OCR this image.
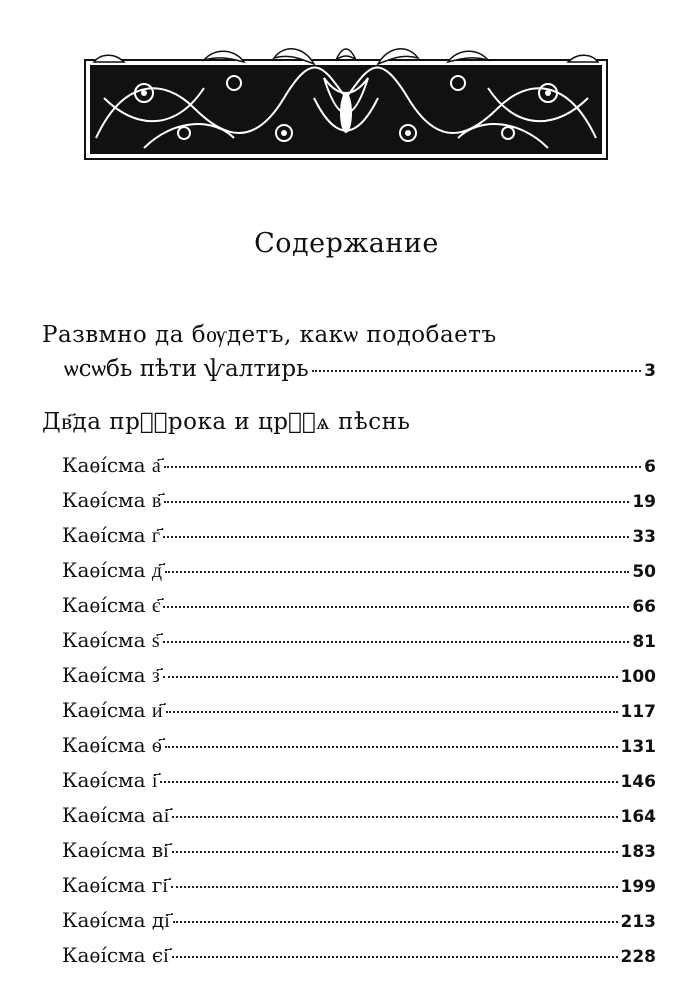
Содержание
Развмно да бѹдетъ, какѡ подобаетъ
ѡсѡбь пѣти ѱалтирь	3
Дв҃да прⷪ҇рока и црⷭ҇ѧ пѣснь
Каѳі́сма а҃	6
Каѳі́сма в҃	19
Каѳі́сма г҃	33
Каѳі́сма д҃	50
Каѳі́сма є҃	66
Каѳі́сма ѕ҃	81
Каѳі́сма з҃	100
Каѳі́сма и҃	117
Каѳі́сма ѳ҃	131
Каѳі́сма і҃	146
Каѳі́сма аі҃	164
Каѳі́сма ві҃	183
Каѳі́сма гі҃	199
Каѳі́сма ді҃	213
Каѳі́сма єі҃	228
